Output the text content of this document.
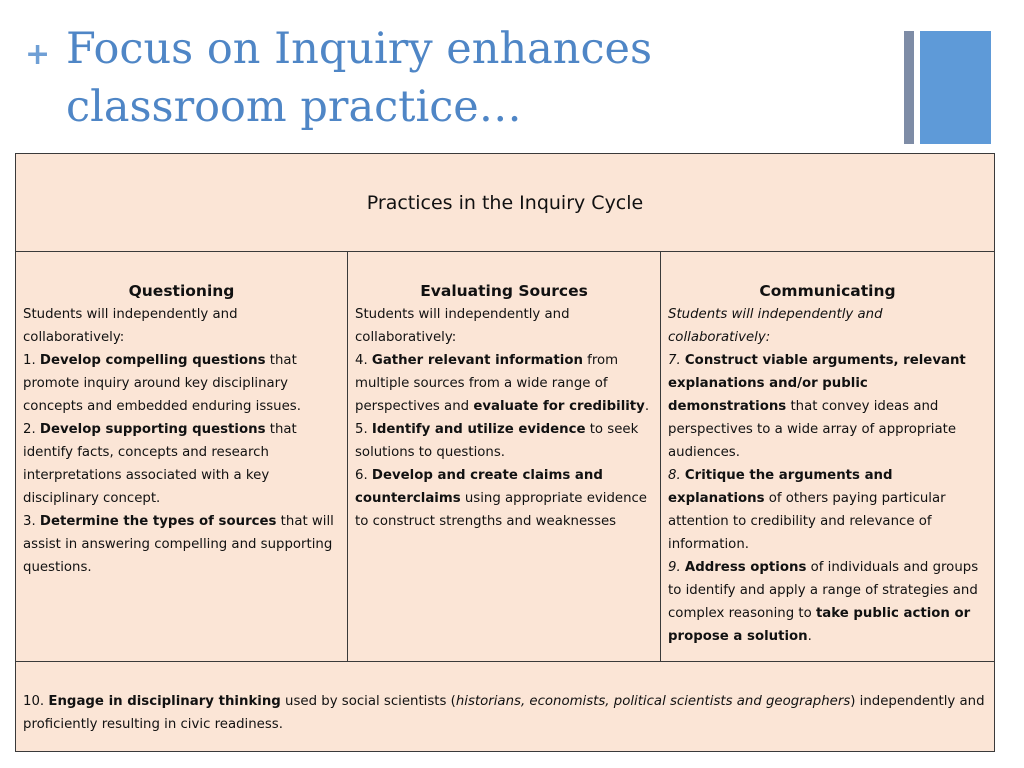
+ Focus on Inquiry enhances
classroom practice…
Practices in the Inquiry Cycle
Questioning

Students will independently and collaboratively:

1. Develop compelling questions that promote inquiry around key disciplinary concepts and embedded enduring issues.

2. Develop supporting questions that identify facts, concepts and research interpretations associated with a key disciplinary concept.

3. Determine the types of sources that will assist in answering compelling and supporting questions.

Evaluating Sources

Students will independently and collaboratively:

4. Gather relevant information from multiple sources from a wide range of perspectives and evaluate for credibility.

5. Identify and utilize evidence to seek solutions to questions.

6. Develop and create claims and counterclaims using appropriate evidence to construct strengths and weaknesses

Communicating

Students will independently and collaboratively:

7. Construct viable arguments, relevant explanations and/or public demonstrations that convey ideas and perspectives to a wide array of appropriate audiences.

8. Critique the arguments and explanations of others paying particular attention to credibility and relevance of information.

9. Address options of individuals and groups to identify and apply a range of strategies and complex reasoning to take public action or propose a solution.

10. Engage in disciplinary thinking used by social scientists (historians, economists, political scientists and geographers) independently and proficiently resulting in civic readiness.
